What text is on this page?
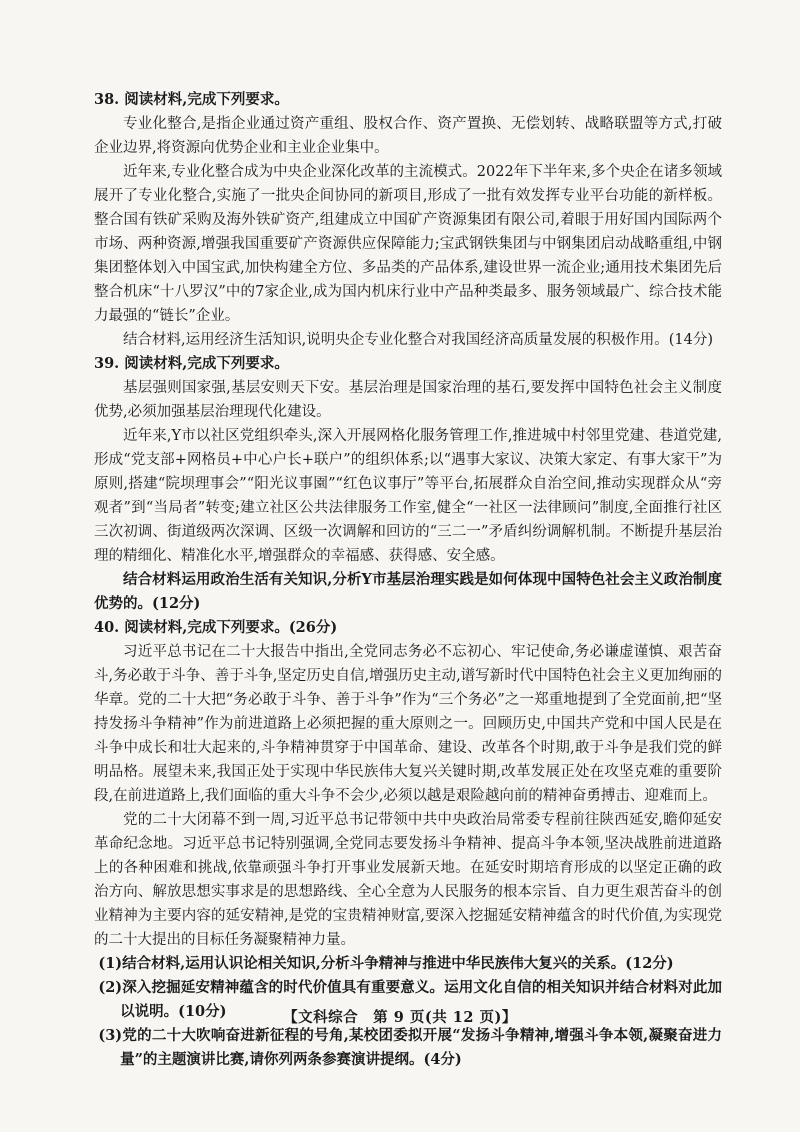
38. 阅读材料,完成下列要求。

专业化整合,是指企业通过资产重组、股权合作、资产置换、无偿划转、战略联盟等方式,打破企业边界,将资源向优势企业和主业企业集中。

近年来,专业化整合成为中央企业深化改革的主流模式。2022年下半年来,多个央企在诸多领域展开了专业化整合,实施了一批央企间协同的新项目,形成了一批有效发挥专业平台功能的新样板。整合国有铁矿采购及海外铁矿资产,组建成立中国矿产资源集团有限公司,着眼于用好国内国际两个市场、两种资源,增强我国重要矿产资源供应保障能力;宝武钢铁集团与中钢集团启动战略重组,中钢集团整体划入中国宝武,加快构建全方位、多品类的产品体系,建设世界一流企业;通用技术集团先后整合机床“十八罗汉”中的7家企业,成为国内机床行业中产品种类最多、服务领域最广、综合技术能力最强的“链长”企业。

结合材料,运用经济生活知识,说明央企专业化整合对我国经济高质量发展的积极作用。(14分)

39. 阅读材料,完成下列要求。

基层强则国家强,基层安则天下安。基层治理是国家治理的基石,要发挥中国特色社会主义制度优势,必须加强基层治理现代化建设。

近年来,Y市以社区党组织牵头,深入开展网格化服务管理工作,推进城中村邻里党建、巷道党建,形成“党支部+网格员+中心户长+联户”的组织体系;以“遇事大家议、决策大家定、有事大家干”为原则,搭建“院坝理事会”“阳光议事園”“红色议事厅”等平台,拓展群众自治空间,推动实现群众从“旁观者”到“当局者”转变;建立社区公共法律服务工作室,健全“一社区一法律顾问”制度,全面推行社区三次初调、街道级两次深调、区级一次调解和回访的“三二一”矛盾纠纷调解机制。不断提升基层治理的精细化、精准化水平,增强群众的幸福感、获得感、安全感。

结合材料运用政治生活有关知识,分析Y市基层治理实践是如何体现中国特色社会主义政治制度优势的。(12分)

40. 阅读材料,完成下列要求。(26分)

习近平总书记在二十大报告中指出,全党同志务必不忘初心、牢记使命,务必谦虚谨慎、艰苦奋斗,务必敢于斗争、善于斗争,坚定历史自信,增强历史主动,谱写新时代中国特色社会主义更加绚丽的华章。党的二十大把“务必敢于斗争、善于斗争”作为“三个务必”之一郑重地提到了全党面前,把“坚持发扬斗争精神”作为前进道路上必须把握的重大原则之一。回顾历史,中国共产党和中国人民是在斗争中成长和壮大起来的,斗争精神贯穿于中国革命、建设、改革各个时期,敢于斗争是我们党的鲜明品格。展望未来,我国正处于实现中华民族伟大复兴关键时期,改革发展正处在攻坚克难的重要阶段,在前进道路上,我们面临的重大斗争不会少,必须以越是艰险越向前的精神奋勇搏击、迎难而上。

党的二十大闭幕不到一周,习近平总书记带领中共中央政治局常委专程前往陕西延安,瞻仰延安革命纪念地。习近平总书记特别强调,全党同志要发扬斗争精神、提高斗争本领,坚决战胜前进道路上的各种困难和挑战,依靠顽强斗争打开事业发展新天地。在延安时期培育形成的以坚定正确的政治方向、解放思想实事求是的思想路线、全心全意为人民服务的根本宗旨、自力更生艰苦奋斗的创业精神为主要内容的延安精神,是党的宝贵精神财富,要深入挖掘延安精神蕴含的时代价值,为实现党的二十大提出的目标任务凝聚精神力量。

(1)结合材料,运用认识论相关知识,分析斗争精神与推进中华民族伟大复兴的关系。(12分)

(2)深入挖掘延安精神蕴含的时代价值具有重要意义。运用文化自信的相关知识并结合材料对此加以说明。(10分)

(3)党的二十大吹响奋进新征程的号角,某校团委拟开展“发扬斗争精神,增强斗争本领,凝聚奋进力量”的主题演讲比赛,请你列两条参赛演讲提纲。(4分)

【文科综合　第 9 页(共 12 页)】
